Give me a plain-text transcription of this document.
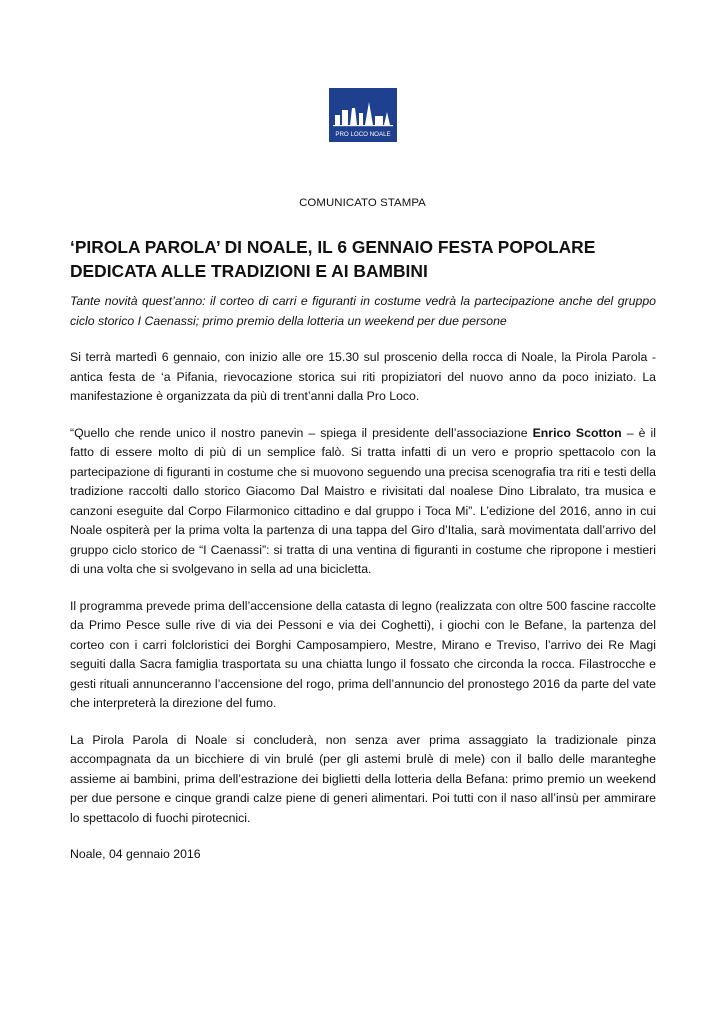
PRO LOCO NOALE
COMUNICATO STAMPA
‘PIROLA PAROLA’ DI NOALE, IL 6 GENNAIO FESTA POPOLARE DEDICATA ALLE TRADIZIONI E AI BAMBINI

Tante novità quest’anno: il corteo di carri e figuranti in costume vedrà la partecipazione anche del gruppo ciclo storico I Caenassi; primo premio della lotteria un weekend per due persone

Si terrà martedì 6 gennaio, con inizio alle ore 15.30 sul proscenio della rocca di Noale, la Pirola Parola - antica festa de ‘a Pifania, rievocazione storica sui riti propiziatori del nuovo anno da poco iniziato. La manifestazione è organizzata da più di trent’anni dalla Pro Loco.

“Quello che rende unico il nostro panevin – spiega il presidente dell’associazione Enrico Scotton – è il fatto di essere molto di più di un semplice falò. Si tratta infatti di un vero e proprio spettacolo con la partecipazione di figuranti in costume che si muovono seguendo una precisa scenografia tra riti e testi della tradizione raccolti dallo storico Giacomo Dal Maistro e rivisitati dal noalese Dino Libralato, tra musica e canzoni eseguite dal Corpo Filarmonico cittadino e dal gruppo i Toca Mi”. L’edizione del 2016, anno in cui Noale ospiterà per la prima volta la partenza di una tappa del Giro d’Italia, sarà movimentata dall’arrivo del gruppo ciclo storico de “I Caenassi”: si tratta di una ventina di figuranti in costume che ripropone i mestieri di una volta che si svolgevano in sella ad una bicicletta.

Il programma prevede prima dell’accensione della catasta di legno (realizzata con oltre 500 fascine raccolte da Primo Pesce sulle rive di via dei Pessoni e via dei Coghetti), i giochi con le Befane, la partenza del corteo con i carri folcloristici dei Borghi Camposampiero, Mestre, Mirano e Treviso, l’arrivo dei Re Magi seguiti dalla Sacra famiglia trasportata su una chiatta lungo il fossato che circonda la rocca. Filastrocche e gesti rituali annunceranno l’accensione del rogo, prima dell’annuncio del pronostego 2016 da parte del vate che interpreterà la direzione del fumo.

La Pirola Parola di Noale si concluderà, non senza aver prima assaggiato la tradizionale pinza accompagnata da un bicchiere di vin brulé (per gli astemi brulè di mele) con il ballo delle maranteghe assieme ai bambini, prima dell’estrazione dei biglietti della lotteria della Befana: primo premio un weekend per due persone e cinque grandi calze piene di generi alimentari. Poi tutti con il naso all’insù per ammirare lo spettacolo di fuochi pirotecnici.

Noale, 04 gennaio 2016
